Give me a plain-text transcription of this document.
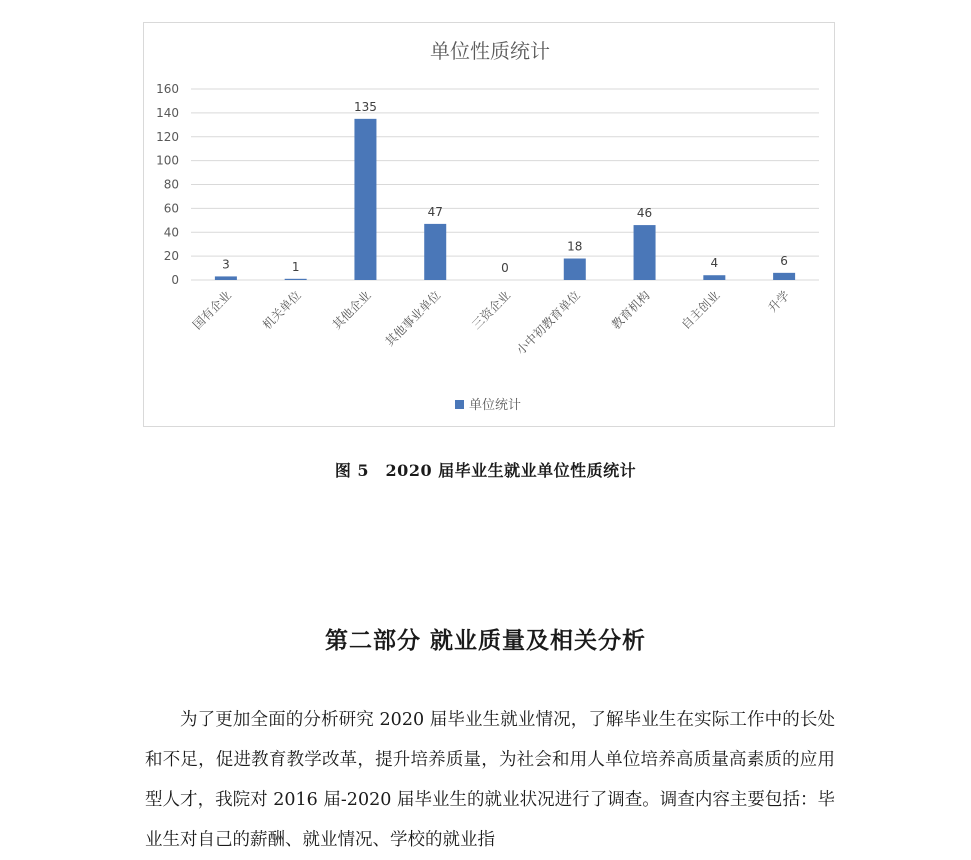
单位性质统计
0
20
40
60
80
100
120
140
160
3
国有企业
1
机关单位
135
其他企业
47
其他事业单位
0
三资企业
18
小中初教育单位
46
教育机构
4
自主创业
6
升学
单位统计
图 5　2020 届毕业生就业单位性质统计
第二部分 就业质量及相关分析

为了更加全面的分析研究 2020 届毕业生就业情况，了解毕业生在实际工作中的长处和不足，促进教育教学改革，提升培养质量，为社会和用人单位培养高质量高素质的应用型人才，我院对 2016 届-2020 届毕业生的就业状况进行了调查。调查内容主要包括：毕业生对自己的薪酬、就业情况、学校的就业指
